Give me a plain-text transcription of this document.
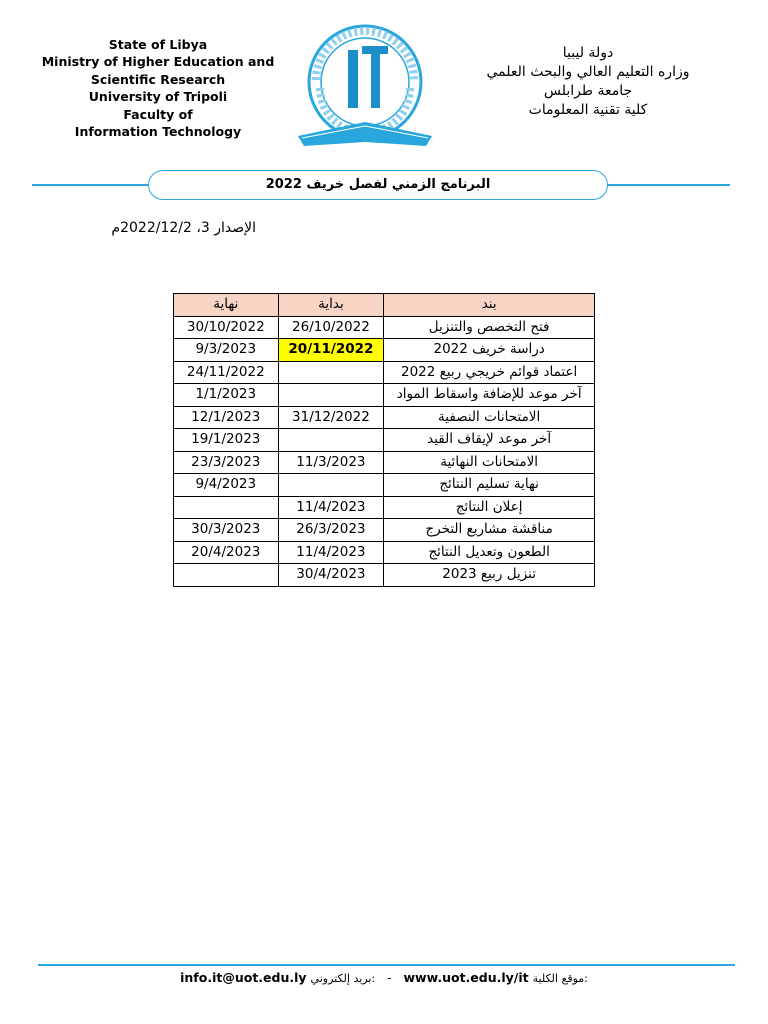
State of Libya
Ministry of Higher Education and
Scientific Research
University of Tripoli
Faculty of
Information Technology
دولة ليبيا
وزاره التعليم العالي والبحث العلمي
جامعة طرابلس
كلية تقنية المعلومات
البرنامج الزمني لفصل خريف 2022
الإصدار 3، 2022/12/2م
بند	بداية	نهاية
فتح التخصص والتنزيل	26/10/2022	30/10/2022
دراسة خريف 2022	20/11/2022	9/3/2023
اعتماد قوائم خريجي ربيع 2022		24/11/2022
آخر موعد للإضافة واسقاط المواد		1/1/2023
الامتحانات النصفية	31/12/2022	12/1/2023
آخر موعد لإيقاف القيد		19/1/2023
الامتحانات النهائية	11/3/2023	23/3/2023
نهاية تسليم النتائج		9/4/2023
إعلان النتائج	11/4/2023	
مناقشة مشاريع التخرج	26/3/2023	30/3/2023
الطعون وتعديل النتائج	11/4/2023	20/4/2023
تنزيل ربيع 2023	30/4/2023	
info.it@uot.edu.ly بريد إلكتروني: - www.uot.edu.ly/it موقع الكلية:
